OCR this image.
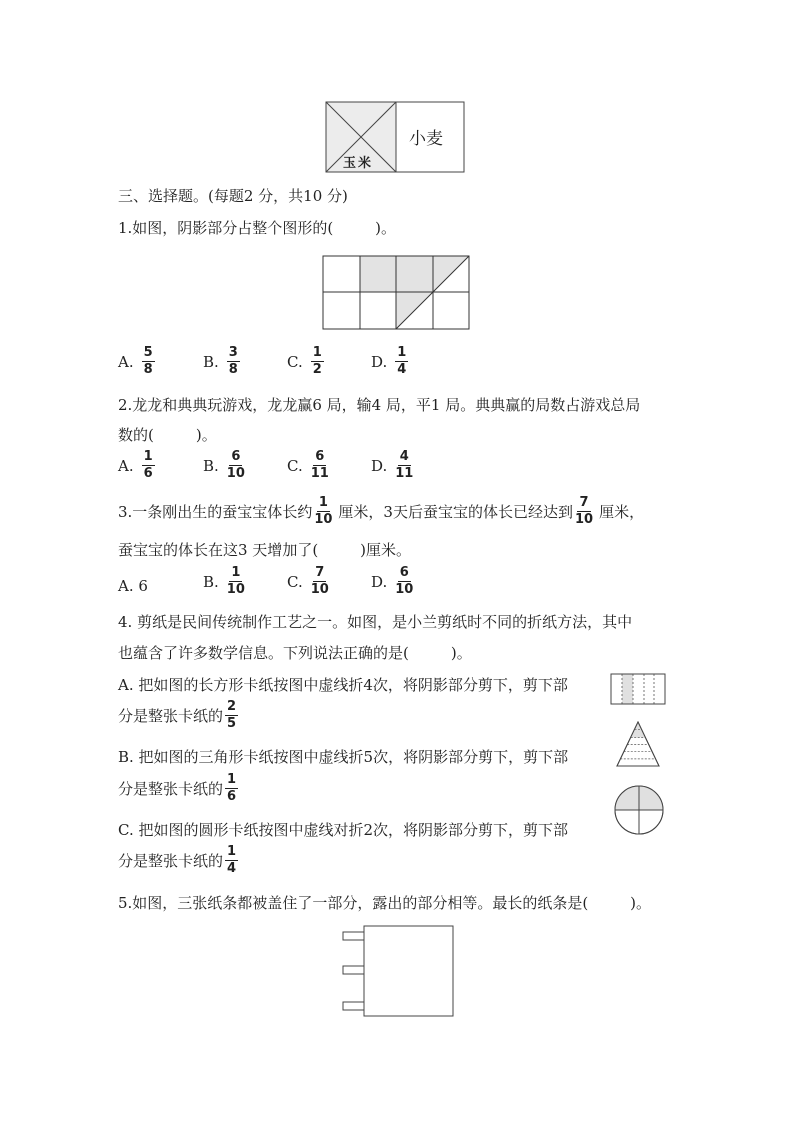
玉米
小麦
三、选择题。(每题2 分，共10 分)
1.如图，阴影部分占整个图形的(	)。
A. $\frac{5}{8}$	B. $\frac{3}{8}$	C. $\frac{1}{2}$	D. $\frac{1}{4}$
2.龙龙和典典玩游戏，龙龙赢6 局，输4 局，平1 局。典典赢的局数占游戏总局
数的(	)。
A. $\frac{1}{6}$	B. $\frac{6}{10}$	C. $\frac{6}{11}$	D. $\frac{4}{11}$
3.一条刚出生的蚕宝宝体长约 $\frac{1}{10}$ 厘米，3天后蚕宝宝的体长已经达到 $\frac{7}{10}$ 厘米，
蚕宝宝的体长在这3 天增加了(	)厘米。
A. 6	B. $\frac{1}{10}$	C. $\frac{7}{10}$	D. $\frac{6}{10}$
4. 剪纸是民间传统制作工艺之一。如图，是小兰剪纸时不同的折纸方法，其中
也蕴含了许多数学信息。下列说法正确的是(	)。
A. 把如图的长方形卡纸按图中虚线折4次，将阴影部分剪下，剪下部
分是整张卡纸的 $\frac{2}{5}$
B. 把如图的三角形卡纸按图中虚线折5次，将阴影部分剪下，剪下部
分是整张卡纸的 $\frac{1}{6}$
C. 把如图的圆形卡纸按图中虚线对折2次，将阴影部分剪下，剪下部
分是整张卡纸的 $\frac{1}{4}$
5.如图，三张纸条都被盖住了一部分，露出的部分相等。最长的纸条是(	)。
